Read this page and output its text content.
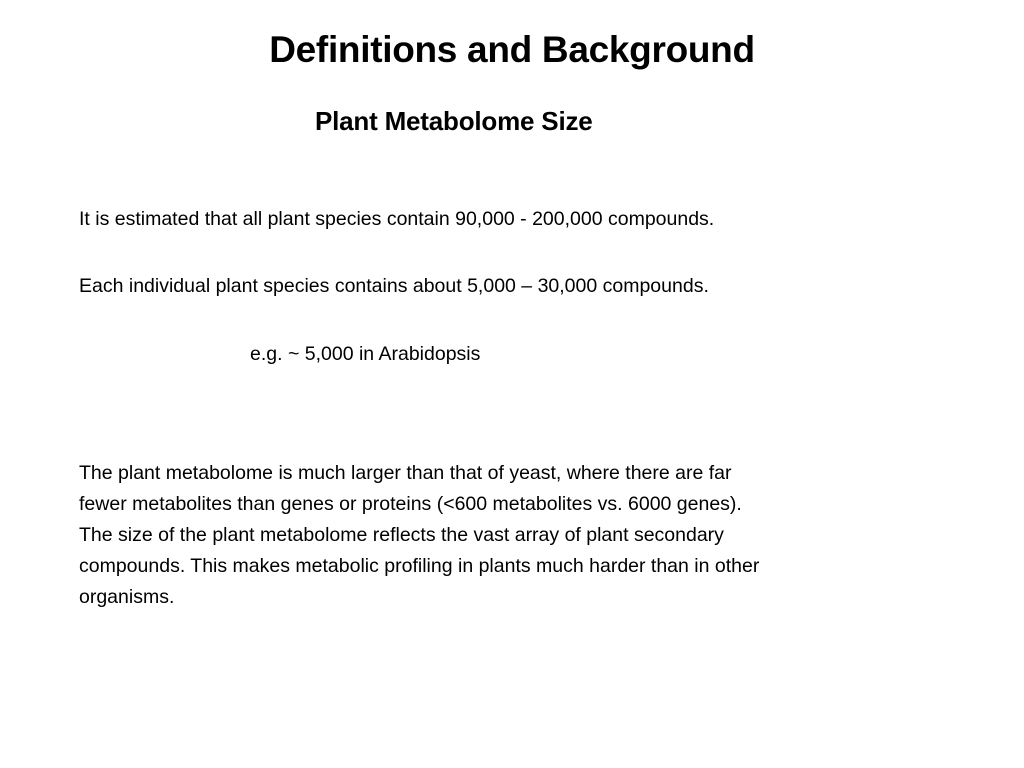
Definitions and Background
Plant Metabolome Size
It is estimated that all plant species contain 90,000 - 200,000 compounds.
Each individual plant species contains about 5,000 – 30,000 compounds.
e.g. ~ 5,000 in Arabidopsis
The plant metabolome is much larger than that of yeast, where there are far
fewer metabolites than genes or proteins (<600 metabolites vs. 6000 genes).
The size of the plant metabolome reflects the vast array of plant secondary
compounds. This makes metabolic profiling in plants much harder than in other
organisms.
